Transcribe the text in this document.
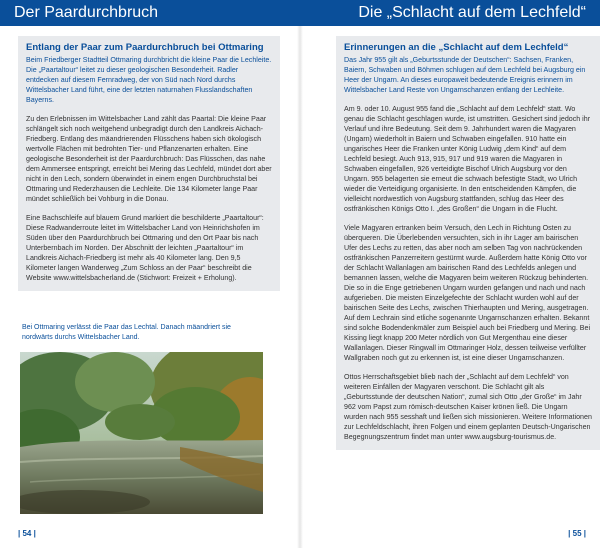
Der Paardurchbruch
Entlang der Paar zum Paardurchbruch bei Ottmaring
Beim Friedberger Stadtteil Ottmaring durchbricht die kleine Paar die Lechleite. Die „Paartaltour“ leitet zu dieser geologischen Besonderheit. Radler entdecken auf diesem Fernradweg, der von Süd nach Nord durchs Wittelsbacher Land führt, eine der letzten naturnahen Flusslandschaften Bayerns.
Zu den Erlebnissen im Wittelsbacher Land zählt das Paartal: Die kleine Paar schlängelt sich noch weitgehend unbegradigt durch den Landkreis Aichach-Friedberg. Entlang des mäandrierenden Flüsschens haben sich ökologisch wertvolle Flächen mit bedrohten Tier- und Pflanzenarten erhalten. Eine geologische Besonderheit ist der Paardurchbruch: Das Flüsschen, das nahe dem Ammersee entspringt, erreicht bei Mering das Lechfeld, mündet dort aber nicht in den Lech, sondern überwindet in einem engen Durchbruchstal bei Ottmaring und Rederzhausen die Lechleite. Die 134 Kilometer lange Paar mündet schließlich bei Vohburg in die Donau.
Eine Bachschleife auf blauem Grund markiert die beschilderte „Paartaltour“: Diese Radwanderroute leitet im Wittelsbacher Land von Heinrichshofen im Süden über den Paardurchbruch bei Ottmaring und den Ort Paar bis nach Unterbernbach im Norden. Der Abschnitt der leichten „Paartaltour“ im Landkreis Aichach-Friedberg ist mehr als 40 Kilometer lang. Den 9,5 Kilometer langen Wanderweg „Zum Schloss an der Paar“ beschreibt die Website www.wittelsbacherland.de (Stichwort: Freizeit + Erholung).
Bei Ottmaring verlässt die Paar das Lechtal. Danach mäandriert sie nordwärts durchs Wittelsbacher Land.
| 54 |
Die „Schlacht auf dem Lechfeld“
Erinnerungen an die „Schlacht auf dem Lechfeld“
Das Jahr 955 gilt als „Geburtsstunde der Deutschen“: Sachsen, Franken, Baiern, Schwaben und Böhmen schlugen auf dem Lechfeld bei Augsburg ein Heer der Ungarn. An dieses europaweit bedeutende Ereignis erinnern im Wittelsbacher Land Reste von Ungarnschanzen entlang der Lechleite.
Am 9. oder 10. August 955 fand die „Schlacht auf dem Lechfeld“ statt. Wo genau die Schlacht geschlagen wurde, ist umstritten. Gesichert sind jedoch ihr Verlauf und ihre Bedeutung. Seit dem 9. Jahrhundert waren die Magyaren (Ungarn) wiederholt in Baiern und Schwaben eingefallen. 910 hatte ein ungarisches Heer die Franken unter König Ludwig „dem Kind“ auf dem Lechfeld besiegt. Auch 913, 915, 917 und 919 waren die Magyaren in Schwaben eingefallen, 926 verteidigte Bischof Ulrich Augsburg vor den Ungarn. 955 belagerten sie erneut die schwach befestigte Stadt, wo Ulrich wieder die Verteidigung organisierte. In den entscheidenden Kämpfen, die vielleicht nordwestlich von Augsburg stattfanden, schlug das Heer des ostfränkischen Königs Otto I. „des Großen“ die Ungarn in die Flucht.
Viele Magyaren ertranken beim Versuch, den Lech in Richtung Osten zu überqueren. Die Überlebenden versuchten, sich in ihr Lager am bairischen Ufer des Lechs zu retten, das aber noch am selben Tag von nachrückenden ostfränkischen Panzerreitern gestürmt wurde. Außerdem hatte König Otto vor der Schlacht Wallanlagen am bairischen Rand des Lechfelds anlegen und bemannen lassen, welche die Magyaren beim weiteren Rückzug behinderten. Die so in die Enge getriebenen Ungarn wurden gefangen und nach und nach aufgerieben. Die meisten Einzelgefechte der Schlacht wurden wohl auf der bairischen Seite des Lechs, zwischen Thierhaupten und Mering, ausgetragen. Auf dem Lechrain sind etliche sogenannte Ungarnschanzen erhalten. Bekannt sind solche Bodendenkmäler zum Beispiel auch bei Friedberg und Mering. Bei Kissing liegt knapp 200 Meter nördlich von Gut Mergenthau eine dieser Wallanlagen. Dieser Ringwall im Ottmaringer Holz, dessen teilweise verfüllter Wallgraben noch gut zu erkennen ist, ist eine dieser Ungarnschanzen.
Ottos Herrschaftsgebiet blieb nach der „Schlacht auf dem Lechfeld“ von weiteren Einfällen der Magyaren verschont. Die Schlacht gilt als „Geburtsstunde der deutschen Nation“, zumal sich Otto „der Große“ im Jahr 962 vom Papst zum römisch-deutschen Kaiser krönen ließ. Die Ungarn wurden nach 955 sesshaft und ließen sich missionieren. Weitere Informationen zur Lechfeldschlacht, ihren Folgen und einem geplanten Deutsch-Ungarischen Begegnungszentrum findet man unter www.augsburg-tourismus.de.
| 55 |
